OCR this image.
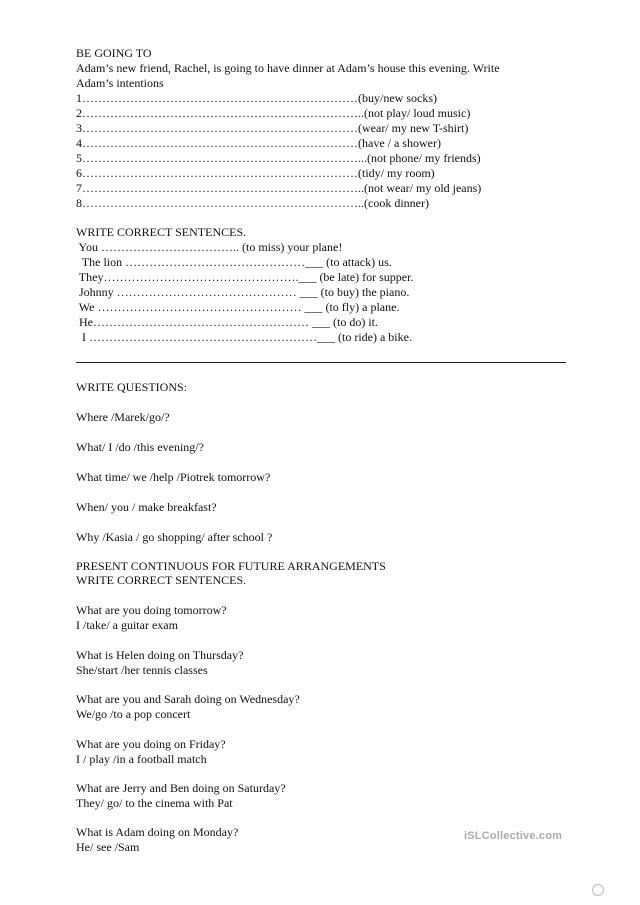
BE GOING TO
Adam’s new friend, Rachel, is going to have dinner at Adam’s house this evening. Write
Adam’s intentions
1……………………………………………………………(buy/new socks)
2……………………………………………………………..(not play/ loud music)
3……………………………………………………………(wear/ my new T-shirt)
4……………………………………………………………(have / a shower)
5……………………………………………………………...(not phone/ my friends)
6……………………………………………………………(tidy/ my room)
7……………………………………………………………..(not wear/ my old jeans)
8……………………………………………………………..(cook dinner)
WRITE CORRECT SENTENCES.
You …………………………….. (to miss) your plane!
The lion ………………………………………___ (to attack) us.
They………………………………………….___ (be late) for supper.
Johnny ……………………………………… ___ (to buy) the piano.
We …………………………………………… ___ (to fly) a plane.
He……………………………………………… ___ (to do) it.
I …………………………………………………___ (to ride) a bike.
WRITE QUESTIONS:
Where /Marek/go/?
What/ I /do /this evening/?
What time/ we /help /Piotrek tomorrow?
When/ you / make breakfast?
Why /Kasia / go shopping/ after school ?
PRESENT CONTINUOUS FOR FUTURE ARRANGEMENTS
WRITE CORRECT SENTENCES.
What are you doing tomorrow?
I /take/ a guitar exam
What is Helen doing on Thursday?
She/start /her tennis classes
What are you and Sarah doing on Wednesday?
We/go /to a pop concert
What are you doing on Friday?
I / play /in a football match
What are Jerry and Ben doing on Saturday?
They/ go/ to the cinema with Pat
What is Adam doing on Monday?
He/ see /Sam
iSLCollective.com
